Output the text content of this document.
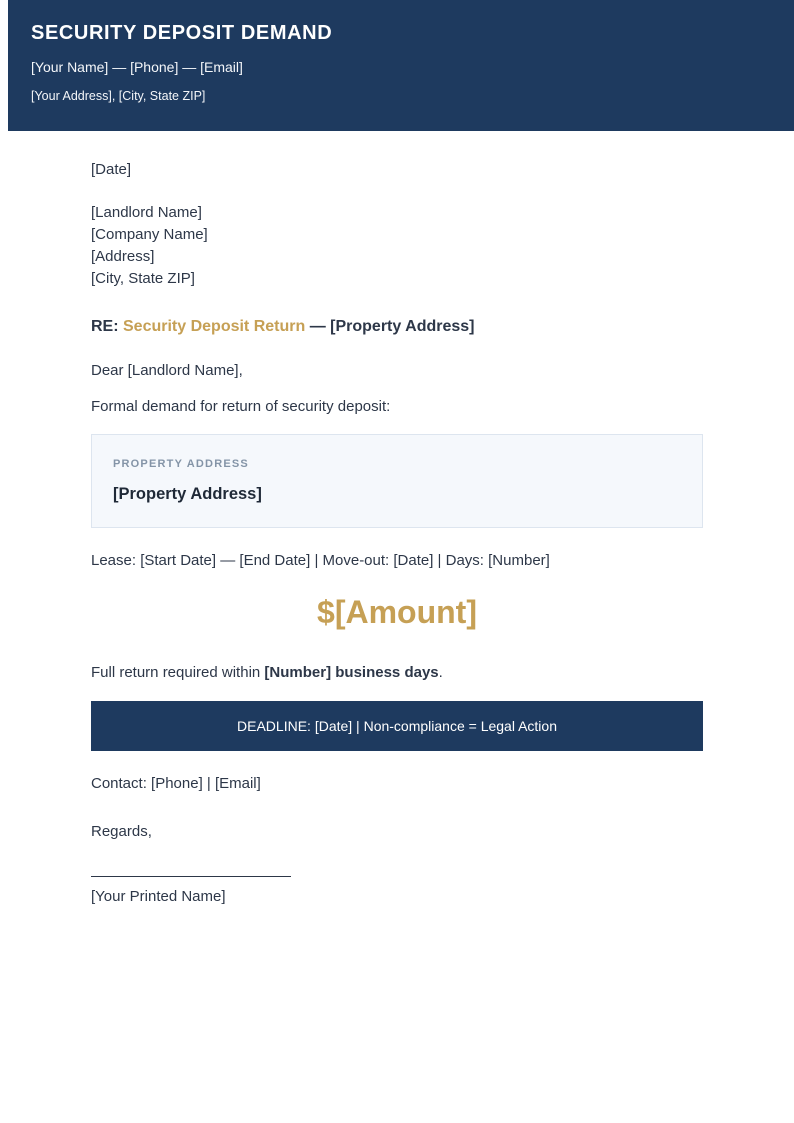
SECURITY DEPOSIT DEMAND
[Your Name] — [Phone] — [Email]
[Your Address], [City, State ZIP]

[Date]

[Landlord Name]
[Company Name]
[Address]
[City, State ZIP]

RE: Security Deposit Return — [Property Address]

Dear [Landlord Name],

Formal demand for return of security deposit:

PROPERTY ADDRESS
[Property Address]

Lease: [Start Date] — [End Date] | Move-out: [Date] | Days: [Number]

$[Amount]

Full return required within [Number] business days.

DEADLINE: [Date] | Non-compliance = Legal Action

Contact: [Phone] | [Email]

Regards,

[Your Printed Name]
